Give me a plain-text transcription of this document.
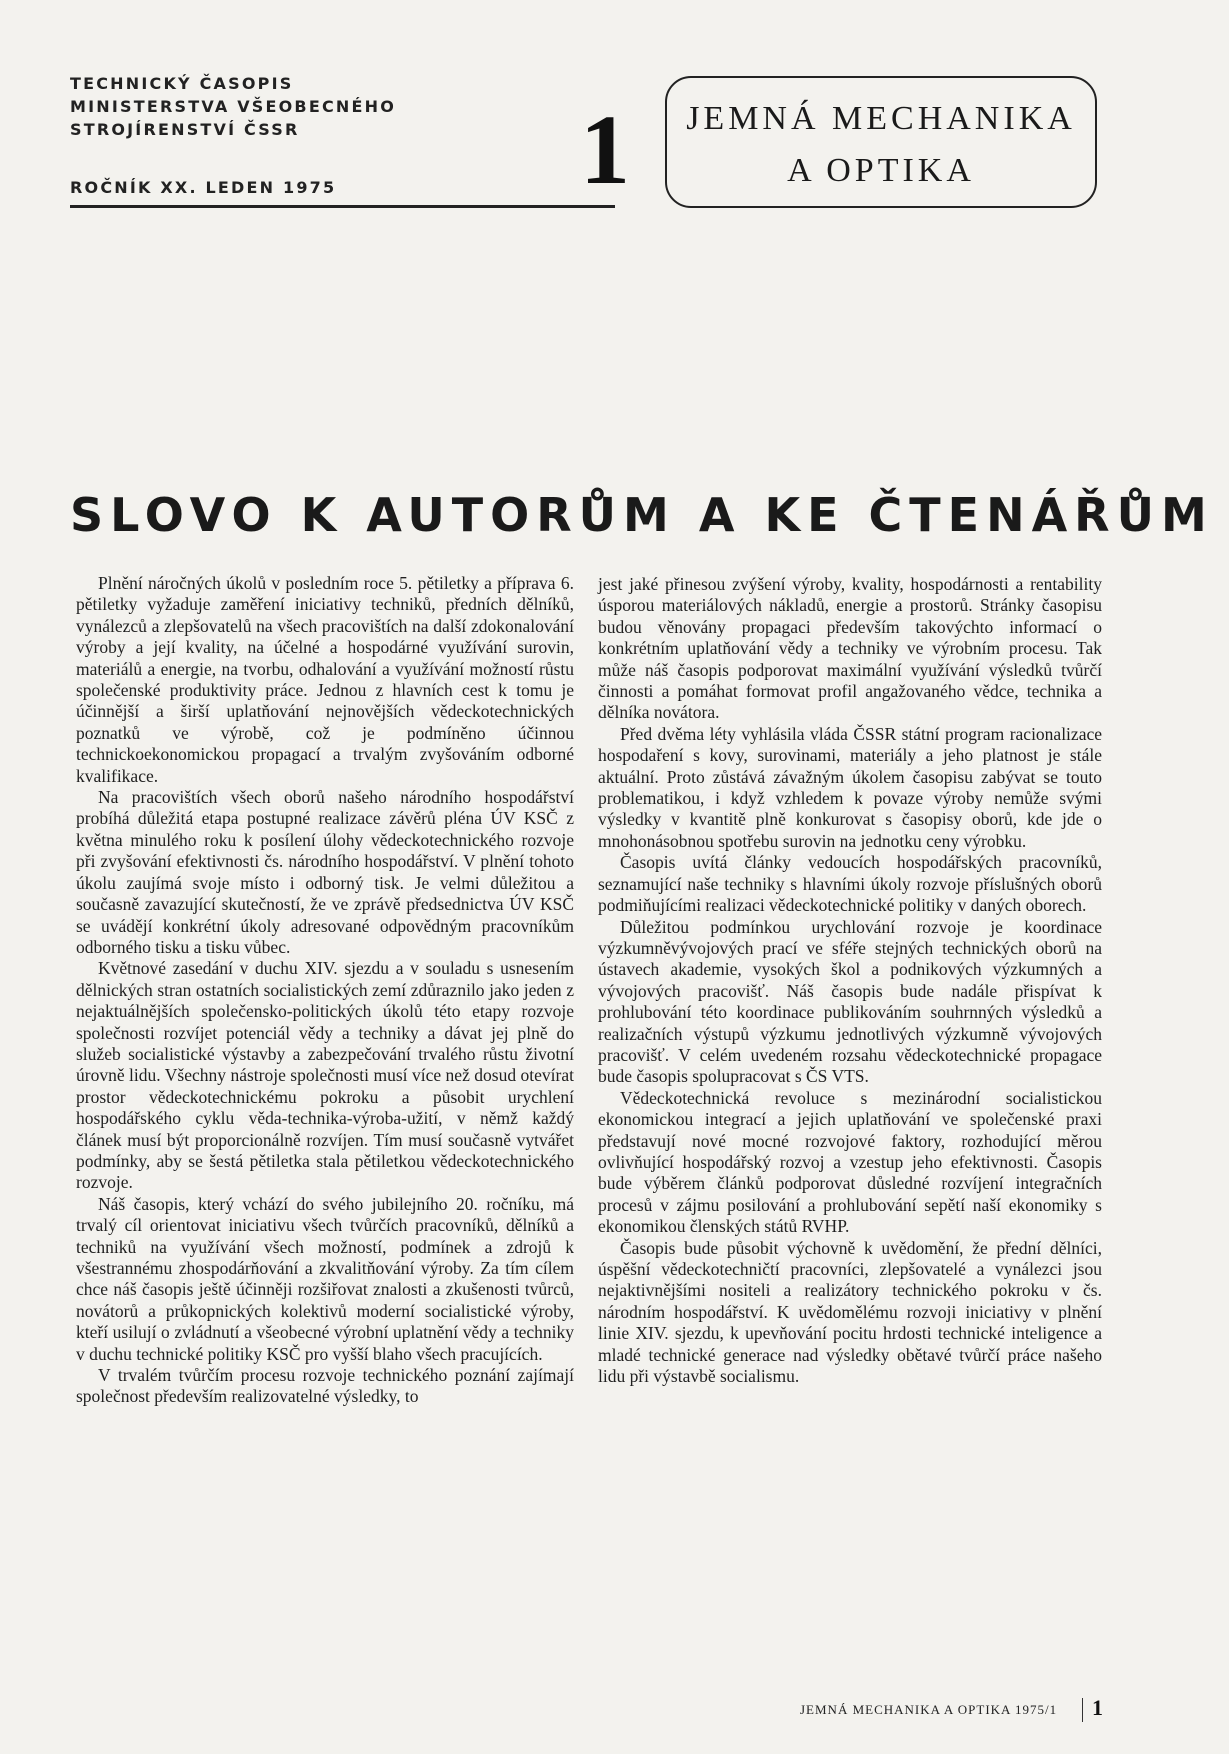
TECHNICKÝ ČASOPIS
MINISTERSTVA VŠEOBECNÉHO
STROJÍRENSTVÍ ČSSR
ROČNÍK XX. LEDEN 1975 1	JEMNÁ MECHANIKA
A OPTIKA
SLOVO K AUTORŮM A KE ČTENÁŘŮM

Plnění náročných úkolů v posledním roce 5. pětiletky a příprava 6. pětiletky vyžaduje zaměření iniciativy techniků, předních dělníků, vynálezců a zlepšovatelů na všech pracovištích na další zdokonalování výroby a její kvality, na účelné a hospodárné využívání surovin, materiálů a energie, na tvorbu, odhalování a využívání možností růstu společenské produktivity práce. Jednou z hlavních cest k tomu je účinnější a širší uplatňování nejnovějších vědeckotechnických poznatků ve výrobě, což je podmíněno účinnou technickoekonomickou propagací a trvalým zvyšováním odborné kvalifikace.

Na pracovištích všech oborů našeho národního hospodářství probíhá důležitá etapa postupné realizace závěrů pléna ÚV KSČ z května minulého roku k posílení úlohy vědeckotechnického rozvoje při zvyšování efektivnosti čs. národního hospodářství. V plnění tohoto úkolu zaujímá svoje místo i odborný tisk. Je velmi důležitou a současně zavazující skutečností, že ve zprávě předsednictva ÚV KSČ se uvádějí konkrétní úkoly adresované odpovědným pracovníkům odborného tisku a tisku vůbec.

Květnové zasedání v duchu XIV. sjezdu a v souladu s usnesením dělnických stran ostatních socialistických zemí zdůraznilo jako jeden z nejaktuálnějších společensko-politických úkolů této etapy rozvoje společnosti rozvíjet potenciál vědy a techniky a dávat jej plně do služeb socialistické výstavby a zabezpečování trvalého růstu životní úrovně lidu. Všechny nástroje společnosti musí více než dosud otevírat prostor vědeckotechnickému pokroku a působit urychlení hospodářského cyklu věda-technika-výroba-užití, v němž každý článek musí být proporcionálně rozvíjen. Tím musí současně vytvářet podmínky, aby se šestá pětiletka stala pětiletkou vědeckotechnického rozvoje.

Náš časopis, který vchází do svého jubilejního 20. ročníku, má trvalý cíl orientovat iniciativu všech tvůrčích pracovníků, dělníků a techniků na využívání všech možností, podmínek a zdrojů k všestrannému zhospodárňování a zkvalitňování výroby. Za tím cílem chce náš časopis ještě účinněji rozšiřovat znalosti a zkušenosti tvůrců, novátorů a průkopnických kolektivů moderní socialistické výroby, kteří usilují o zvládnutí a všeobecné výrobní uplatnění vědy a techniky v duchu technické politiky KSČ pro vyšší blaho všech pracujících.

V trvalém tvůrčím procesu rozvoje technického poznání zajímají společnost především realizovatelné výsledky, to

jest jaké přinesou zvýšení výroby, kvality, hospodárnosti a rentability úsporou materiálových nákladů, energie a prostorů. Stránky časopisu budou věnovány propagaci především takovýchto informací o konkrétním uplatňování vědy a techniky ve výrobním procesu. Tak může náš časopis podporovat maximální využívání výsledků tvůrčí činnosti a pomáhat formovat profil angažovaného vědce, technika a dělníka novátora.

Před dvěma léty vyhlásila vláda ČSSR státní program racionalizace hospodaření s kovy, surovinami, materiály a jeho platnost je stále aktuální. Proto zůstává závažným úkolem časopisu zabývat se touto problematikou, i když vzhledem k povaze výroby nemůže svými výsledky v kvantitě plně konkurovat s časopisy oborů, kde jde o mnohonásobnou spotřebu surovin na jednotku ceny výrobku.

Časopis uvítá články vedoucích hospodářských pracovníků, seznamující naše techniky s hlavními úkoly rozvoje příslušných oborů podmiňujícími realizaci vědeckotechnické politiky v daných oborech.

Důležitou podmínkou urychlování rozvoje je koordinace výzkumněvývojových prací ve sféře stejných technických oborů na ústavech akademie, vysokých škol a podnikových výzkumných a vývojových pracovišť. Náš časopis bude nadále přispívat k prohlubování této koordinace publikováním souhrnných výsledků a realizačních výstupů výzkumu jednotlivých výzkumně vývojových pracovišť. V celém uvedeném rozsahu vědeckotechnické propagace bude časopis spolupracovat s ČS VTS.

Vědeckotechnická revoluce s mezinárodní socialistickou ekonomickou integrací a jejich uplatňování ve společenské praxi představují nové mocné rozvojové faktory, rozhodující měrou ovlivňující hospodářský rozvoj a vzestup jeho efektivnosti. Časopis bude výběrem článků podporovat důsledné rozvíjení integračních procesů v zájmu posilování a prohlubování sepětí naší ekonomiky s ekonomikou členských států RVHP.

Časopis bude působit výchovně k uvědomění, že přední dělníci, úspěšní vědeckotechničtí pracovníci, zlepšovatelé a vynálezci jsou nejaktivnějšími nositeli a realizátory technického pokroku v čs. národním hospodářství. K uvědomělému rozvoji iniciativy v plnění linie XIV. sjezdu, k upevňování pocitu hrdosti technické inteligence a mladé technické generace nad výsledky obětavé tvůrčí práce našeho lidu při výstavbě socialismu.

JEMNÁ MECHANIKA A OPTIKA 1975/1 1
